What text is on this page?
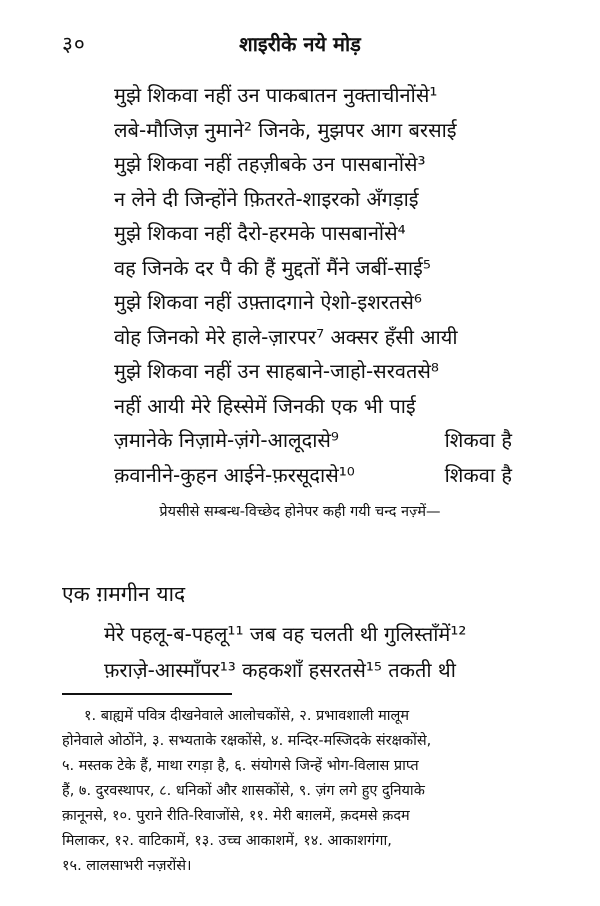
३०	शाइरीके नये मोड़
मुझे शिकवा नहीं उन पाकबातन नुक्ताचीनोंसे¹
लबे-मौजिज़ नुमाने² जिनके, मुझपर आग बरसाई
मुझे शिकवा नहीं तहज़ीबके उन पासबानोंसे³
न लेने दी जिन्होंने फ़ितरते-शाइरको अँगड़ाई
मुझे शिकवा नहीं दैरो-हरमके पासबानोंसे⁴
वह जिनके दर पै की हैं मुद्दतों मैंने जबीं-साई⁵
मुझे शिकवा नहीं उफ़्तादगाने ऐशो-इशरतसे⁶
वोह जिनको मेरे हाले-ज़ारपर⁷ अक्सर हँसी आयी
मुझे शिकवा नहीं उन साहबाने-जाहो-सरवतसे⁸
नहीं आयी मेरे हिस्सेमें जिनकी एक भी पाई
ज़मानेके निज़ामे-ज़ंगे-आलूदासे⁹	शिकवा है
क़वानीने-कुहन आईने-फ़रसूदासे¹⁰	शिकवा है
प्रेयसीसे सम्बन्ध-विच्छेद होनेपर कही गयी चन्द नज़्में—
एक ग़मगीन याद
मेरे पहलू-ब-पहलू¹¹ जब वह चलती थी गुलिस्ताँमें¹²
फ़राज़े-आस्माँपर¹³ कहकशाँ हसरतसे¹⁵ तकती थी
१. बाह्यमें पवित्र दीखनेवाले आलोचकोंसे, २. प्रभावशाली मालूम
होनेवाले ओठोंने, ३. सभ्यताके रक्षकोंसे, ४. मन्दिर-मस्जिदके संरक्षकोंसे,
५. मस्तक टेके हैं, माथा रगड़ा है, ६. संयोगसे जिन्हें भोग-विलास प्राप्त
हैं, ७. दुरवस्थापर, ८. धनिकों और शासकोंसे, ९. ज़ंग लगे हुए दुनियाके
क़ानूनसे, १०. पुराने रीति-रिवाजोंसे, ११. मेरी बग़लमें, क़दमसे क़दम
मिलाकर, १२. वाटिकामें, १३. उच्च आकाशमें, १४. आकाशगंगा,
१५. लालसाभरी नज़रोंसे।
